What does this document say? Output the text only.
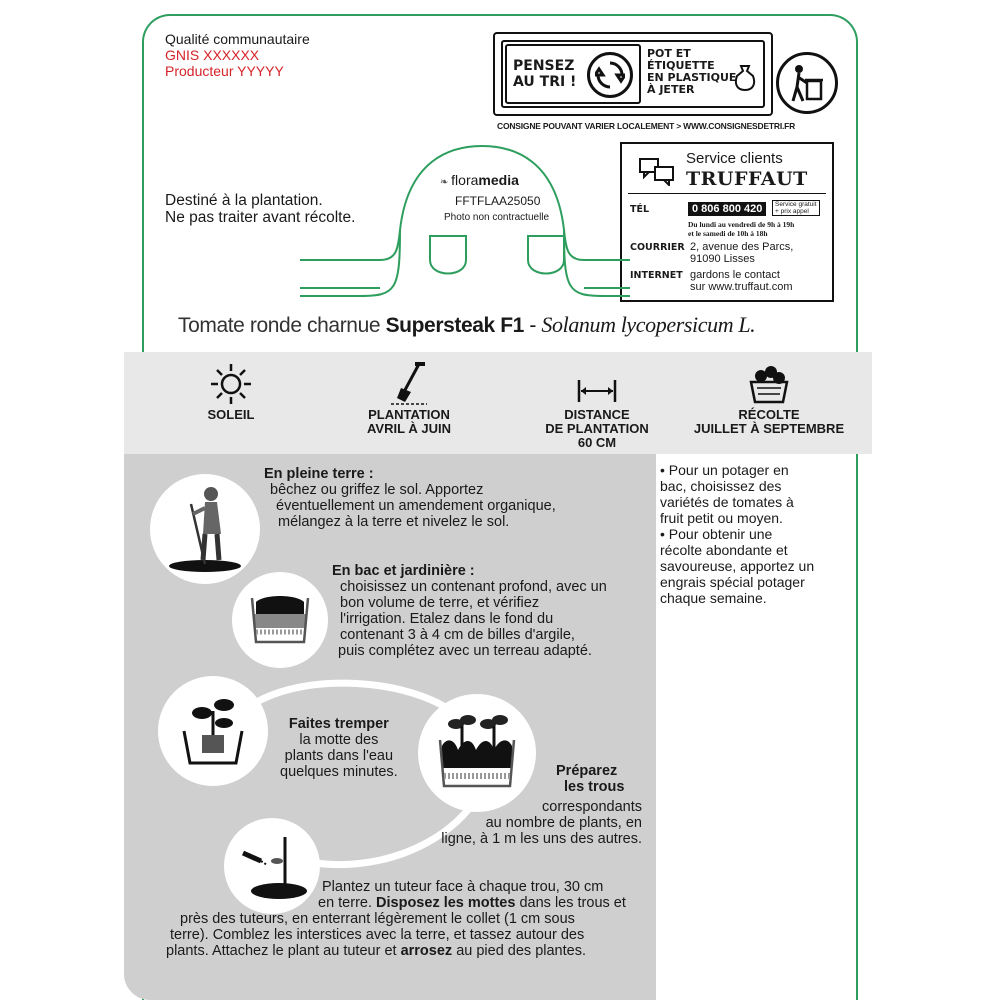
Qualité communautaire
GNIS XXXXXX
Producteur YYYYY	PENSEZ
AU TRI !
POT ET
ÉTIQUETTE
EN PLASTIQUE
À JETER
CONSIGNE POUVANT VARIER LOCALEMENT > WWW.CONSIGNESDETRI.FR
Service clients
TRUFFAUT
TÉL	0 806 800 420	Service gratuit
+ prix appel
Du lundi au vendredi de 9h à 19h
et le samedi de 10h à 18h
COURRIER 2, avenue des Parcs,
91090 Lisses
INTERNET gardons le contact
sur www.truffaut.com
Destiné à la plantation.
Ne pas traiter avant récolte.
❧ floramedia
FFTFLAA25050
Photo non contractuelle
Tomate ronde charnue Supersteak F1 - Solanum lycopersicum L.
SOLEIL	PLANTATION
AVRIL À JUIN
DISTANCE
DE PLANTATION
60 CM
RÉCOLTE
JUILLET À SEPTEMBRE
En pleine terre :
bêchez ou griffez le sol. Apportez
éventuellement un amendement organique,
mélangez à la terre et nivelez le sol.
En bac et jardinière :
choisissez un contenant profond, avec un
bon volume de terre, et vérifiez
l'irrigation. Etalez dans le fond du
contenant 3 à 4 cm de billes d'argile,
puis complétez avec un terreau adapté.
Faites tremper
la motte des
plants dans l'eau
quelques minutes.	Préparez
les trous
correspondants
au nombre de plants, en
ligne, à 1 m les uns des autres.
Plantez un tuteur face à chaque trou, 30 cm
en terre. Disposez les mottes dans les trous et
près des tuteurs, en enterrant légèrement le collet (1 cm sous
terre). Comblez les interstices avec la terre, et tassez autour des
plants. Attachez le plant au tuteur et arrosez au pied des plantes.
• Pour un potager en
bac, choisissez des
variétés de tomates à
fruit petit ou moyen.
• Pour obtenir une
récolte abondante et
savoureuse, apportez un
engrais spécial potager
chaque semaine.
